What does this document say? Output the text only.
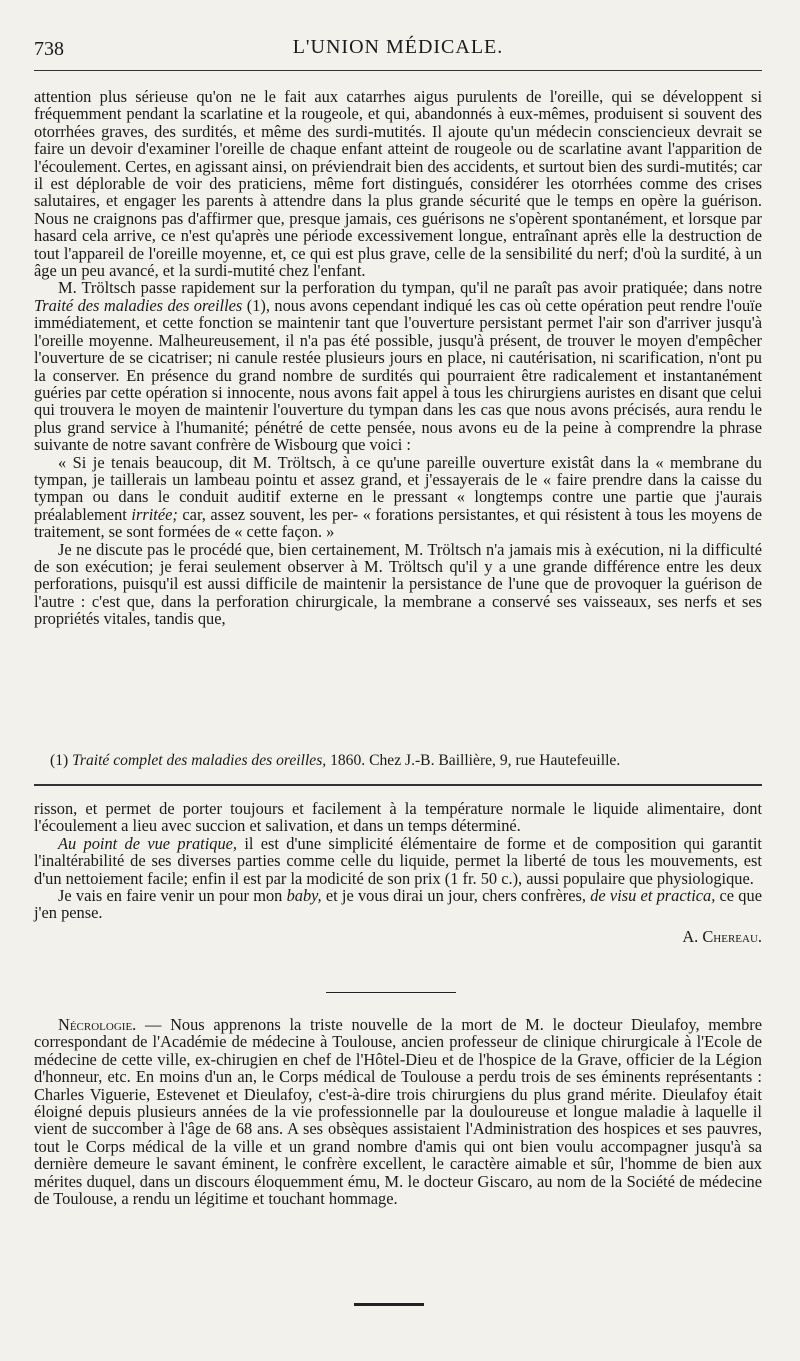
738	L'UNION MÉDICALE.

attention plus sérieuse qu'on ne le fait aux catarrhes aigus purulents de l'oreille, qui se développent si fréquemment pendant la scarlatine et la rougeole, et qui, abandonnés à eux-mêmes, produisent si souvent des otorrhées graves, des surdités, et même des surdi-mutités. Il ajoute qu'un médecin consciencieux devrait se faire un devoir d'examiner l'oreille de chaque enfant atteint de rougeole ou de scarlatine avant l'apparition de l'écoulement. Certes, en agissant ainsi, on préviendrait bien des accidents, et surtout bien des surdi-mutités; car il est déplorable de voir des praticiens, même fort distingués, considérer les otorrhées comme des crises salutaires, et engager les parents à attendre dans la plus grande sécurité que le temps en opère la guérison. Nous ne craignons pas d'affirmer que, presque jamais, ces guérisons ne s'opèrent spontanément, et lorsque par hasard cela arrive, ce n'est qu'après une période excessivement longue, entraînant après elle la destruction de tout l'appareil de l'oreille moyenne, et, ce qui est plus grave, celle de la sensibilité du nerf; d'où la surdité, à un âge un peu avancé, et la surdi-mutité chez l'enfant.

M. Tröltsch passe rapidement sur la perforation du tympan, qu'il ne paraît pas avoir pratiquée; dans notre Traité des maladies des oreilles (1), nous avons cependant indiqué les cas où cette opération peut rendre l'ouïe immédiatement, et cette fonction se maintenir tant que l'ouverture persistant permet l'air son d'arriver jusqu'à l'oreille moyenne. Malheureusement, il n'a pas été possible, jusqu'à présent, de trouver le moyen d'empêcher l'ouverture de se cicatriser; ni canule restée plusieurs jours en place, ni cautérisation, ni scarification, n'ont pu la conserver. En présence du grand nombre de surdités qui pourraient être radicalement et instantanément guéries par cette opération si innocente, nous avons fait appel à tous les chirurgiens auristes en disant que celui qui trouvera le moyen de maintenir l'ouverture du tympan dans les cas que nous avons précisés, aura rendu le plus grand service à l'humanité; pénétré de cette pensée, nous avons eu de la peine à comprendre la phrase suivante de notre savant confrère de Wisbourg que voici :

« Si je tenais beaucoup, dit M. Tröltsch, à ce qu'une pareille ouverture existât dans la « membrane du tympan, je taillerais un lambeau pointu et assez grand, et j'essayerais de le « faire prendre dans la caisse du tympan ou dans le conduit auditif externe en le pressant « longtemps contre une partie que j'aurais préalablement irritée; car, assez souvent, les per- « forations persistantes, et qui résistent à tous les moyens de traitement, se sont formées de « cette façon. »

Je ne discute pas le procédé que, bien certainement, M. Tröltsch n'a jamais mis à exécution, ni la difficulté de son exécution; je ferai seulement observer à M. Tröltsch qu'il y a une grande différence entre les deux perforations, puisqu'il est aussi difficile de maintenir la persistance de l'une que de provoquer la guérison de l'autre : c'est que, dans la perforation chirurgicale, la membrane a conservé ses vaisseaux, ses nerfs et ses propriétés vitales, tandis que,

(1) Traité complet des maladies des oreilles, 1860. Chez J.-B. Baillière, 9, rue Hautefeuille.

risson, et permet de porter toujours et facilement à la température normale le liquide alimentaire, dont l'écoulement a lieu avec succion et salivation, et dans un temps déterminé.

Au point de vue pratique, il est d'une simplicité élémentaire de forme et de composition qui garantit l'inaltérabilité de ses diverses parties comme celle du liquide, permet la liberté de tous les mouvements, est d'un nettoiement facile; enfin il est par la modicité de son prix (1 fr. 50 c.), aussi populaire que physiologique.

Je vais en faire venir un pour mon baby, et je vous dirai un jour, chers confrères, de visu et practica, ce que j'en pense.

A. Chereau.

Nécrologie. — Nous apprenons la triste nouvelle de la mort de M. le docteur Dieulafoy, membre correspondant de l'Académie de médecine à Toulouse, ancien professeur de clinique chirurgicale à l'Ecole de médecine de cette ville, ex-chirugien en chef de l'Hôtel-Dieu et de l'hospice de la Grave, officier de la Légion d'honneur, etc. En moins d'un an, le Corps médical de Toulouse a perdu trois de ses éminents représentants : Charles Viguerie, Estevenet et Dieulafoy, c'est-à-dire trois chirurgiens du plus grand mérite. Dieulafoy était éloigné depuis plusieurs années de la vie professionnelle par la douloureuse et longue maladie à laquelle il vient de succomber à l'âge de 68 ans. A ses obsèques assistaient l'Administration des hospices et ses pauvres, tout le Corps médical de la ville et un grand nombre d'amis qui ont bien voulu accompagner jusqu'à sa dernière demeure le savant éminent, le confrère excellent, le caractère aimable et sûr, l'homme de bien aux mérites duquel, dans un discours éloquemment ému, M. le docteur Giscaro, au nom de la Société de médecine de Toulouse, a rendu un légitime et touchant hommage.
